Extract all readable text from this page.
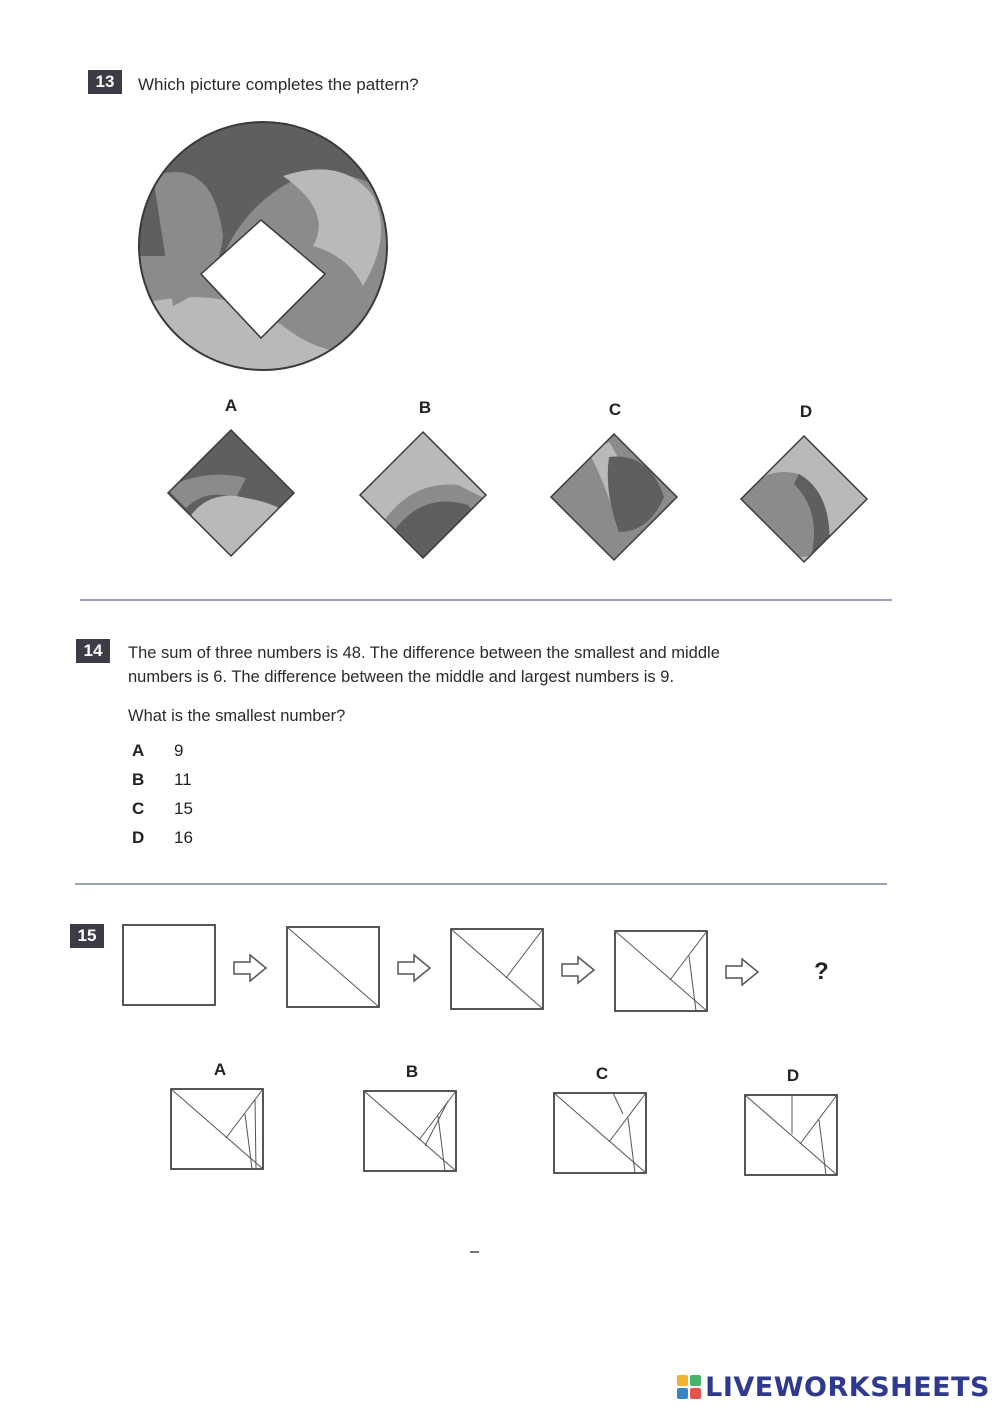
13	Which picture completes the pattern?
A	B	C	D
14	The sum of three numbers is 48. The difference between the smallest and middle
numbers is 6. The difference between the middle and largest numbers is 9.
What is the smallest number?
A 9
B 11
C 15
D 16
15
?
A	B	C	D
LIVEWORKSHEETS
